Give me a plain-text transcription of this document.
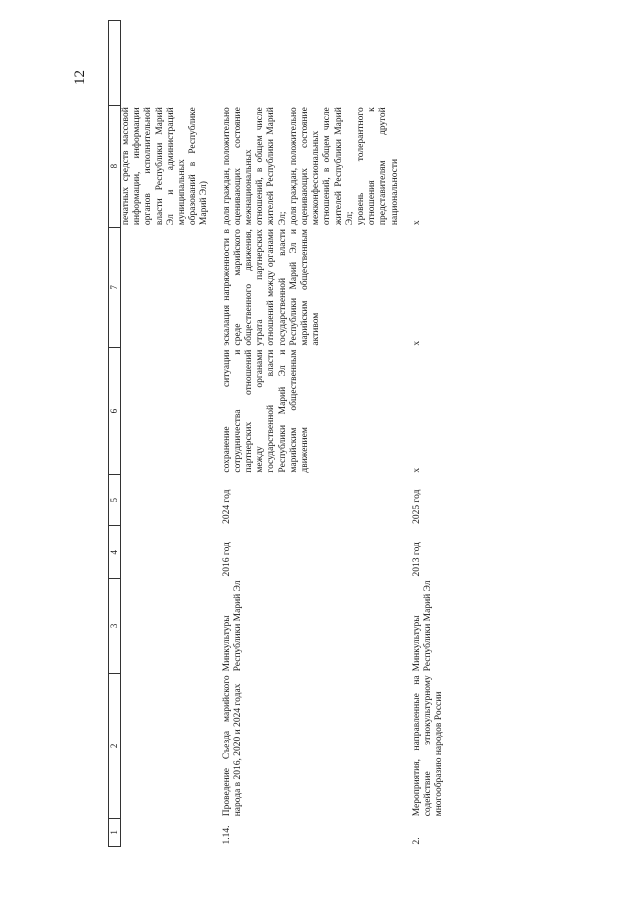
12
1	2	3	4	5	6	7	8	
							печатных средств массовой информации, информации органов исполнительной власти Республики Марий Эл и администраций муниципальных образований в Республике Марий Эл)	
1.14.	Проведение Съезда марийского народа в 2016, 2020 и 2024 годах	Минкультуры Республики Марий Эл	2016 год	2024 год	сохранение ситуации сотрудничества и партнерских отношений между органами государственной власти Республики Марий Эл и марийским общественным движением	эскалация напряженности в среде марийского общественного движения, утрата партнерских отношений между органами государственной власти Республики Марий Эл и марийским общественным активом	доля граждан, положительно оценивающих состояние межнациональных отношений, в общем числе жителей Республики Марий Эл; доля граждан, положительно оценивающих состояние межконфессиональных отношений, в общем числе жителей Республики Марий Эл; уровень толерантного отношения к представителям другой национальности	

2.	Мероприятия, направленные на содействие этнокультурному многообразию народов России	Минкультуры Республики Марий Эл	2013 год	2025 год	х	х	х	
